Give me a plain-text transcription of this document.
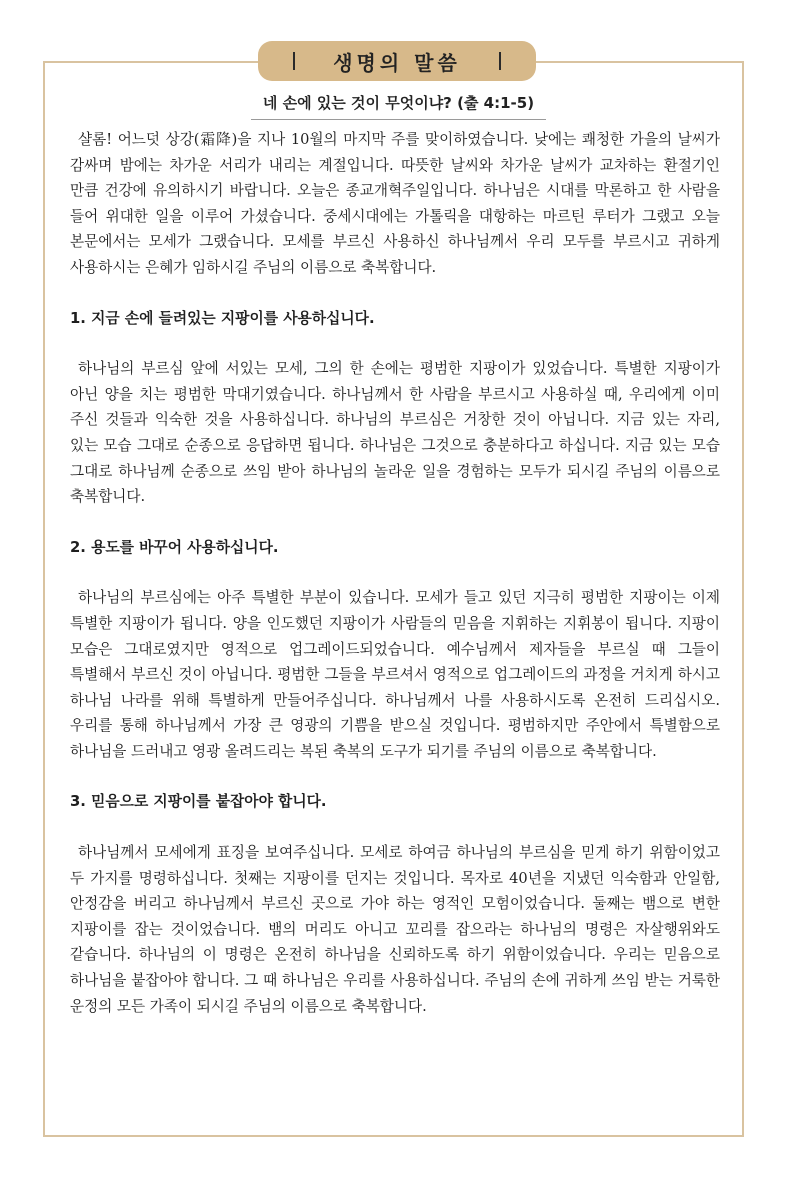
생명의 말씀
네 손에 있는 것이 무엇이냐? (출 4:1-5)

샬롬! 어느덧 상강(霜降)을 지나 10월의 마지막 주를 맞이하였습니다. 낮에는 쾌청한 가을의 날씨가 감싸며 밤에는 차가운 서리가 내리는 계절입니다. 따뜻한 날씨와 차가운 날씨가 교차하는 환절기인 만큼 건강에 유의하시기 바랍니다. 오늘은 종교개혁주일입니다. 하나님은 시대를 막론하고 한 사람을 들어 위대한 일을 이루어 가셨습니다. 중세시대에는 가톨릭을 대항하는 마르틴 루터가 그랬고 오늘 본문에서는 모세가 그랬습니다. 모세를 부르신 사용하신 하나님께서 우리 모두를 부르시고 귀하게 사용하시는 은혜가 임하시길 주님의 이름으로 축복합니다.

1. 지금 손에 들려있는 지팡이를 사용하십니다.

하나님의 부르심 앞에 서있는 모세, 그의 한 손에는 평범한 지팡이가 있었습니다. 특별한 지팡이가 아닌 양을 치는 평범한 막대기였습니다. 하나님께서 한 사람을 부르시고 사용하실 때, 우리에게 이미 주신 것들과 익숙한 것을 사용하십니다. 하나님의 부르심은 거창한 것이 아닙니다. 지금 있는 자리, 있는 모습 그대로 순종으로 응답하면 됩니다. 하나님은 그것으로 충분하다고 하십니다. 지금 있는 모습 그대로 하나님께 순종으로 쓰임 받아 하나님의 놀라운 일을 경험하는 모두가 되시길 주님의 이름으로 축복합니다.

2. 용도를 바꾸어 사용하십니다.

하나님의 부르심에는 아주 특별한 부분이 있습니다. 모세가 들고 있던 지극히 평범한 지팡이는 이제 특별한 지팡이가 됩니다. 양을 인도했던 지팡이가 사람들의 믿음을 지휘하는 지휘봉이 됩니다. 지팡이 모습은 그대로였지만 영적으로 업그레이드되었습니다. 예수님께서 제자들을 부르실 때 그들이 특별해서 부르신 것이 아닙니다. 평범한 그들을 부르셔서 영적으로 업그레이드의 과정을 거치게 하시고 하나님 나라를 위해 특별하게 만들어주십니다. 하나님께서 나를 사용하시도록 온전히 드리십시오. 우리를 통해 하나님께서 가장 큰 영광의 기쁨을 받으실 것입니다. 평범하지만 주안에서 특별함으로 하나님을 드러내고 영광 올려드리는 복된 축복의 도구가 되기를 주님의 이름으로 축복합니다.

3. 믿음으로 지팡이를 붙잡아야 합니다.

하나님께서 모세에게 표징을 보여주십니다. 모세로 하여금 하나님의 부르심을 믿게 하기 위함이었고 두 가지를 명령하십니다. 첫째는 지팡이를 던지는 것입니다. 목자로 40년을 지냈던 익숙함과 안일함, 안정감을 버리고 하나님께서 부르신 곳으로 가야 하는 영적인 모험이었습니다. 둘째는 뱀으로 변한 지팡이를 잡는 것이었습니다. 뱀의 머리도 아니고 꼬리를 잡으라는 하나님의 명령은 자살행위와도 같습니다. 하나님의 이 명령은 온전히 하나님을 신뢰하도록 하기 위함이었습니다. 우리는 믿음으로 하나님을 붙잡아야 합니다. 그 때 하나님은 우리를 사용하십니다. 주님의 손에 귀하게 쓰임 받는 거룩한 운정의 모든 가족이 되시길 주님의 이름으로 축복합니다.
